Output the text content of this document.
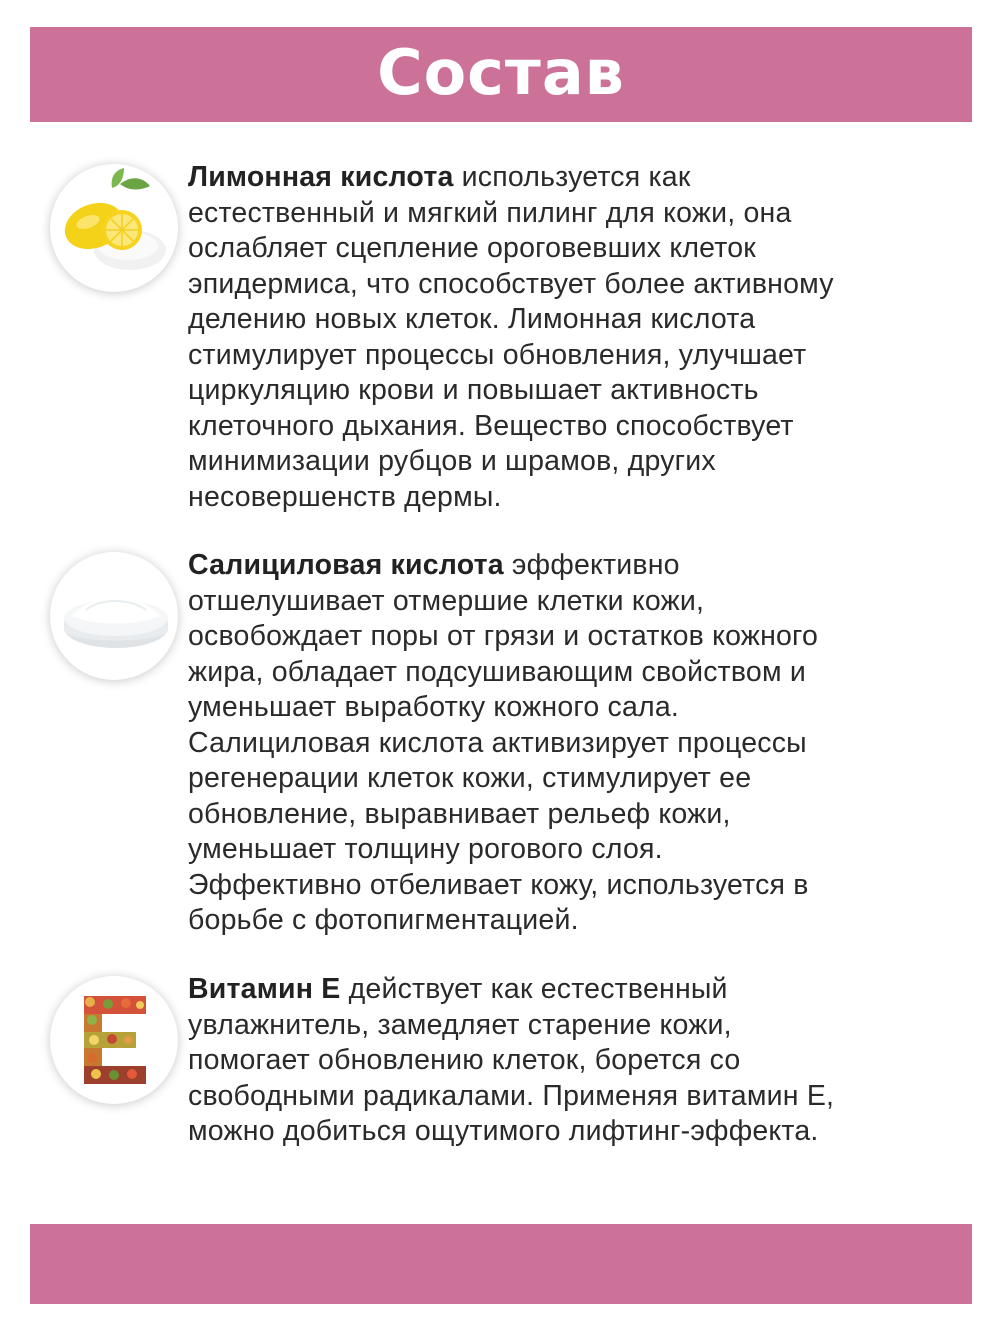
Состав
Лимонная кислота используется как
естественный и мягкий пилинг для кожи, она
ослабляет сцепление ороговевших клеток
эпидермиса, что способствует более активному
делению новых клеток. Лимонная кислота
стимулирует процессы обновления, улучшает
циркуляцию крови и повышает активность
клеточного дыхания. Вещество способствует
минимизации рубцов и шрамов, других
несовершенств дермы.
Салициловая кислота эффективно
отшелушивает отмершие клетки кожи,
освобождает поры от грязи и остатков кожного
жира, обладает подсушивающим свойством и
уменьшает выработку кожного сала.
Салициловая кислота активизирует процессы
регенерации клеток кожи, стимулирует ее
обновление, выравнивает рельеф кожи,
уменьшает толщину рогового слоя.
Эффективно отбеливает кожу, используется в
борьбе с фотопигментацией.
Витамин Е действует как естественный
увлажнитель, замедляет старение кожи,
помогает обновлению клеток, борется со
свободными радикалами. Применяя витамин Е,
можно добиться ощутимого лифтинг-эффекта.
